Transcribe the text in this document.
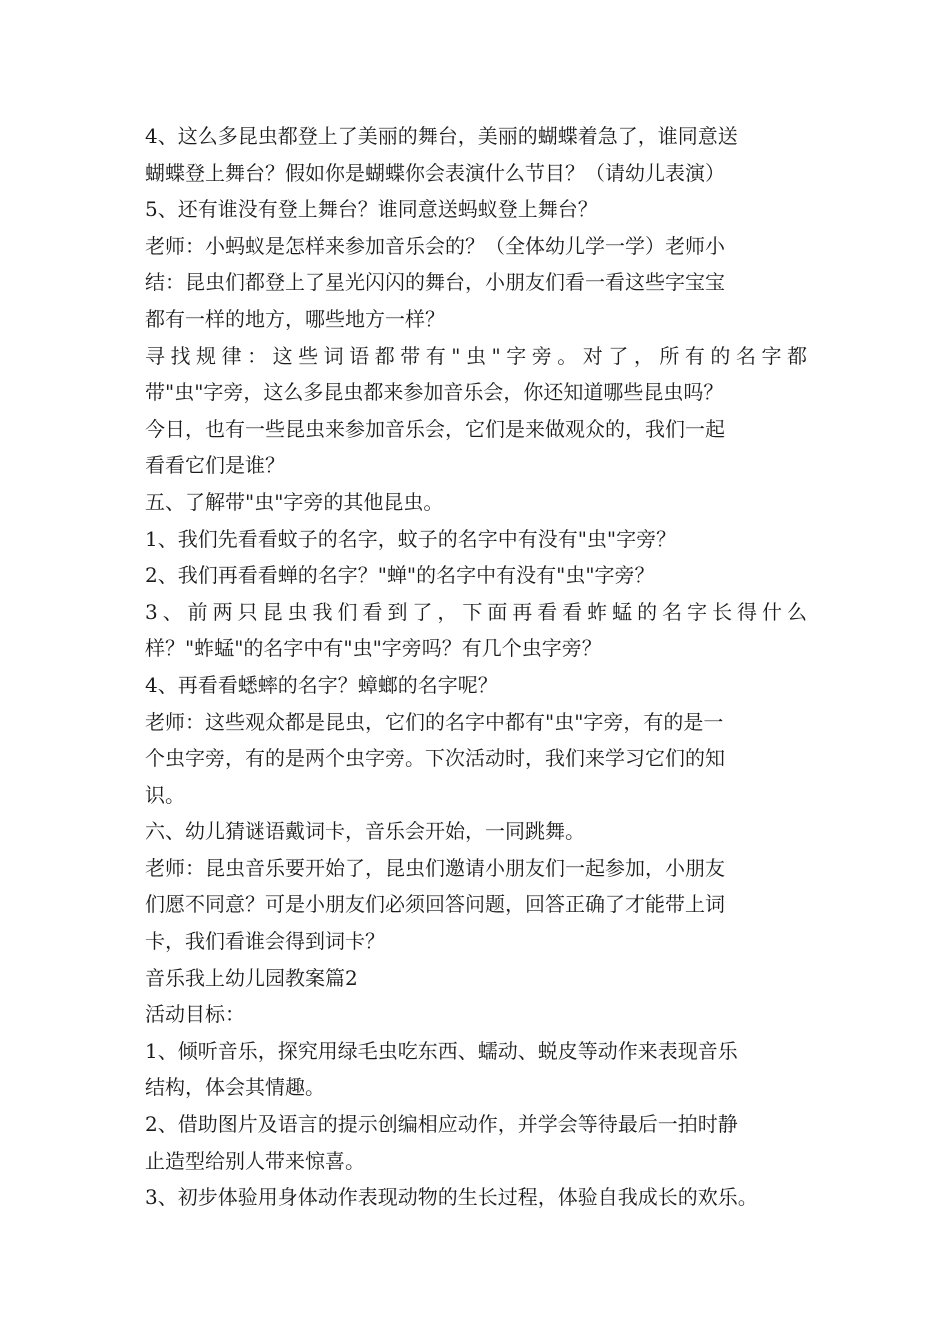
4、这么多昆虫都登上了美丽的舞台，美丽的蝴蝶着急了，谁同意送
蝴蝶登上舞台？假如你是蝴蝶你会表演什么节目？（请幼儿表演）
5、还有谁没有登上舞台？谁同意送蚂蚁登上舞台？
老师：小蚂蚁是怎样来参加音乐会的？（全体幼儿学一学）老师小
结：昆虫们都登上了星光闪闪的舞台，小朋友们看一看这些字宝宝
都有一样的地方，哪些地方一样？
寻找规律：这些词语都带有"虫"字旁。对了，所有的名字都
带"虫"字旁，这么多昆虫都来参加音乐会，你还知道哪些昆虫吗？
今日，也有一些昆虫来参加音乐会，它们是来做观众的，我们一起
看看它们是谁？
五、了解带"虫"字旁的其他昆虫。
1、我们先看看蚊子的名字，蚊子的名字中有没有"虫"字旁？
2、我们再看看蝉的名字？"蝉"的名字中有没有"虫"字旁？
3、前两只昆虫我们看到了，下面再看看蚱蜢的名字长得什么
样？"蚱蜢"的名字中有"虫"字旁吗？有几个虫字旁？
4、再看看蟋蟀的名字？蟑螂的名字呢？
老师：这些观众都是昆虫，它们的名字中都有"虫"字旁，有的是一
个虫字旁，有的是两个虫字旁。下次活动时，我们来学习它们的知
识。
六、幼儿猜谜语戴词卡，音乐会开始，一同跳舞。
老师：昆虫音乐要开始了，昆虫们邀请小朋友们一起参加，小朋友
们愿不同意？可是小朋友们必须回答问题，回答正确了才能带上词
卡，我们看谁会得到词卡？
音乐我上幼儿园教案篇2
活动目标：
1、倾听音乐，探究用绿毛虫吃东西、蠕动、蜕皮等动作来表现音乐
结构，体会其情趣。
2、借助图片及语言的提示创编相应动作，并学会等待最后一拍时静
止造型给别人带来惊喜。
3、初步体验用身体动作表现动物的生长过程，体验自我成长的欢乐。
